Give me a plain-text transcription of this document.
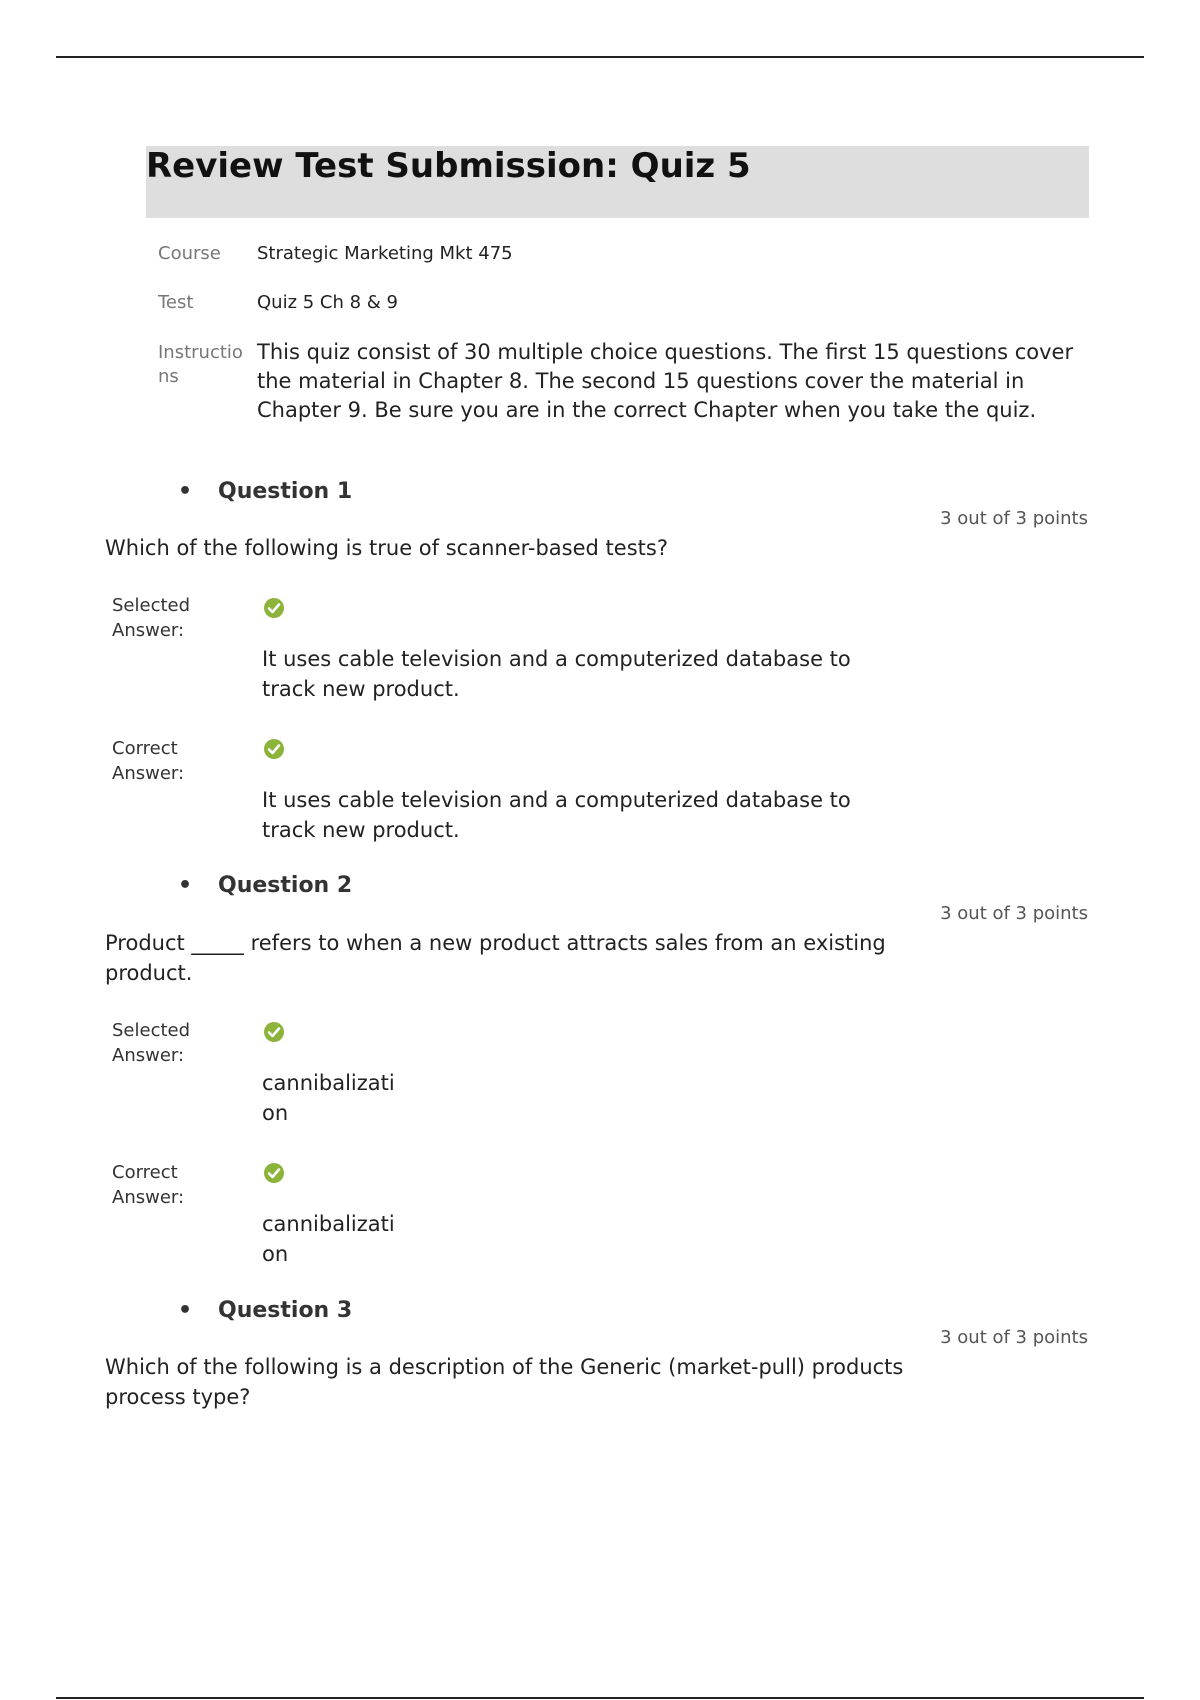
Review Test Submission: Quiz 5
Course Strategic Marketing Mkt 475
Test	Quiz 5 Ch 8 & 9
Instructions
This quiz consist of 30 multiple choice questions. The first 15 questions cover the material in Chapter 8. The second 15 questions cover the material in Chapter 9. Be sure you are in the correct Chapter when you take the quiz.
• Question 1
3 out of 3 points
Which of the following is true of scanner-based tests?
Selected Answer:
It uses cable television and a computerized database to track new product.
Correct Answer:
It uses cable television and a computerized database to track new product.
• Question 2
3 out of 3 points
Product _____ refers to when a new product attracts sales from an existing product.
Selected Answer:
cannibalization
Correct Answer:
cannibalization
• Question 3
3 out of 3 points
Which of the following is a description of the Generic (market-pull) products process type?
